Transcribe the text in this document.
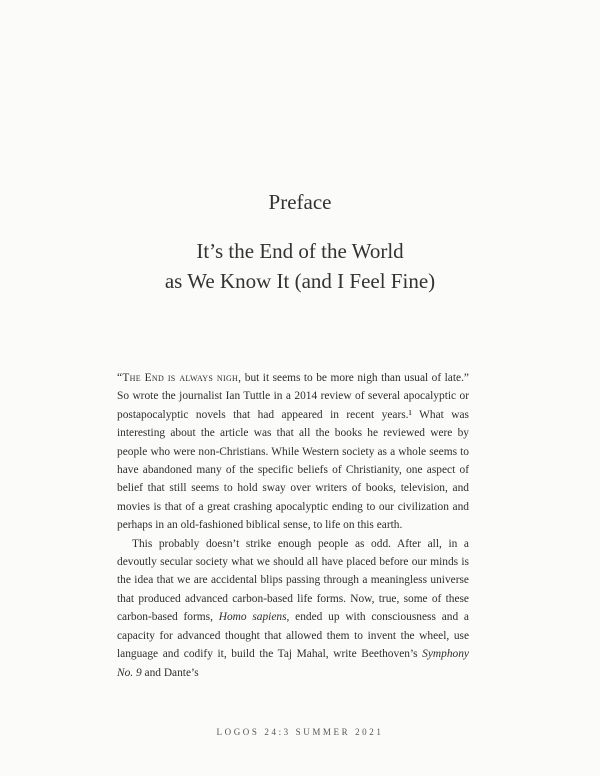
Preface
It’s the End of the World
as We Know It (and I Feel Fine)

“The End is always nigh, but it seems to be more nigh than usual of late.” So wrote the journalist Ian Tuttle in a 2014 review of several apocalyptic or postapocalyptic novels that had appeared in recent years.¹ What was interesting about the article was that all the books he reviewed were by people who were non-Christians. While Western society as a whole seems to have abandoned many of the specific beliefs of Christianity, one aspect of belief that still seems to hold sway over writers of books, television, and movies is that of a great crashing apocalyptic ending to our civilization and perhaps in an old-fashioned biblical sense, to life on this earth.

This probably doesn’t strike enough people as odd. After all, in a devoutly secular society what we should all have placed before our minds is the idea that we are accidental blips passing through a meaningless universe that produced advanced carbon-based life forms. Now, true, some of these carbon-based forms, Homo sapiens, ended up with consciousness and a capacity for advanced thought that allowed them to invent the wheel, use language and codify it, build the Taj Mahal, write Beethoven’s Symphony No. 9 and Dante’s

LOGOS 24:3 SUMMER 2021
